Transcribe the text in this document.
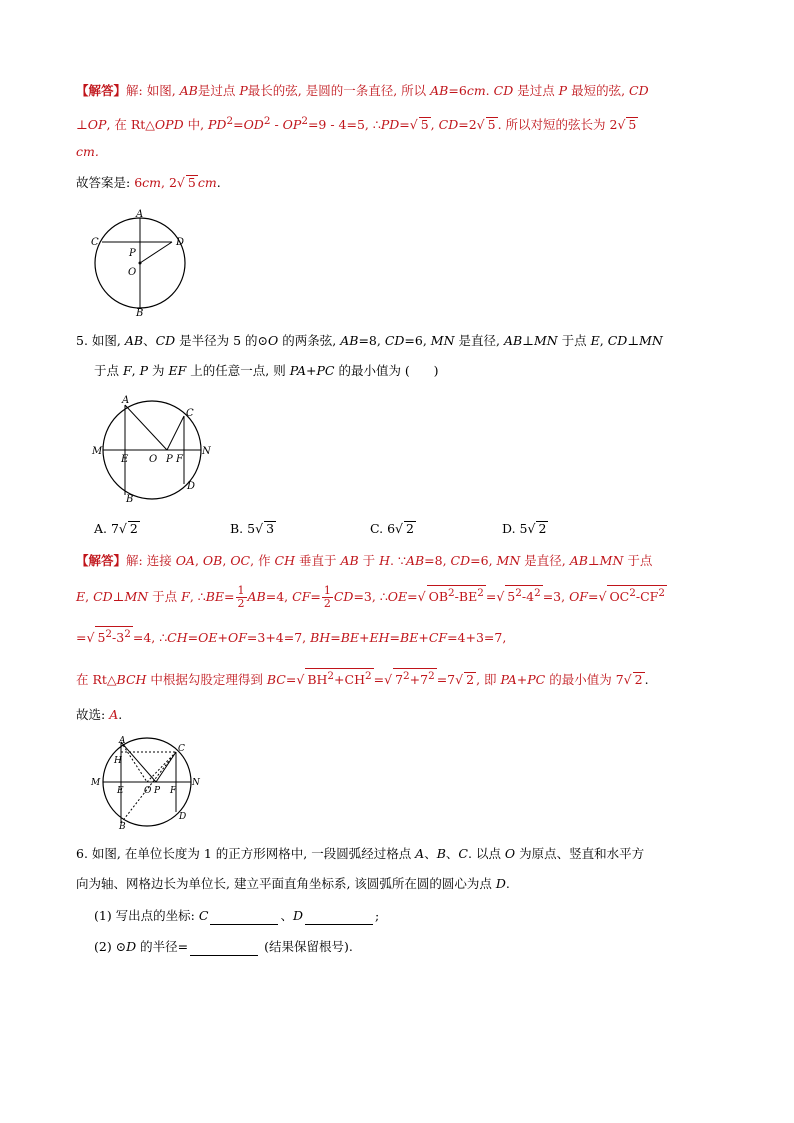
【解答】解: 如图, AB是过点 P最长的弦, 是圆的一条直径, 所以 AB=6cm. CD 是过点 P 最短的弦, CD
⊥OP, 在 Rt△OPD 中, $PD^2=OD^2 - OP^2=9 - 4=5$, ∴PD=√ 5 , CD=2√ 5 . 所以对短的弦长为 2√ 5
cm.
故答案是: 6cm, 2√ 5 cm.
A
B
C	D
P
O
5. 如图, AB、CD 是半径为 5 的⊙O 的两条弦, AB=8, CD=6, MN 是直径, AB⊥MN 于点 E, CD⊥MN
于点 F, P 为 EF 上的任意一点, 则 PA+PC 的最小值为 (      )
A
B
C
D
M	N
E O P F
A. 7√ 2	B. 5√ 3	C. 6√ 2	D. 5√ 2
【解答】解: 连接 OA, OB, OC, 作 CH 垂直于 AB 于 H. ∵AB=8, CD=6, MN 是直径, AB⊥MN 于点
E, CD⊥MN 于点 F, ∴BE= $\frac{1}{2} AB=4$, $CF= \frac{1}{2} CD=3$, ∴OE=√ $OB^2-BE^2$ =√ $5^2-4^2 =3$, OF=√ $OC^2-CF^2$
=√ $5^2-3^2 =4$, ∴CH=OE+OF=3+4=7, BH=BE+EH=BE+CF=4+3=7,
在 Rt△BCH 中根据勾股定理得到 BC=√ $BH^2+CH^2$ =√ $7^2+7^2 =7√$ 2 , 即 PA+PC 的最小值为 7√ 2 .
故选: A.
A
B
C
D
M	N
H
E O P F
6. 如图, 在单位长度为 1 的正方形网格中, 一段圆弧经过格点 A、B、C. 以点 O 为原点、竖直和水平方
向为轴、网格边长为单位长, 建立平面直角坐标系, 该圆弧所在圆的圆心为点 D.
(1) 写出点的坐标: C	、D	;
(2) ⊙D 的半径=	(结果保留根号).
